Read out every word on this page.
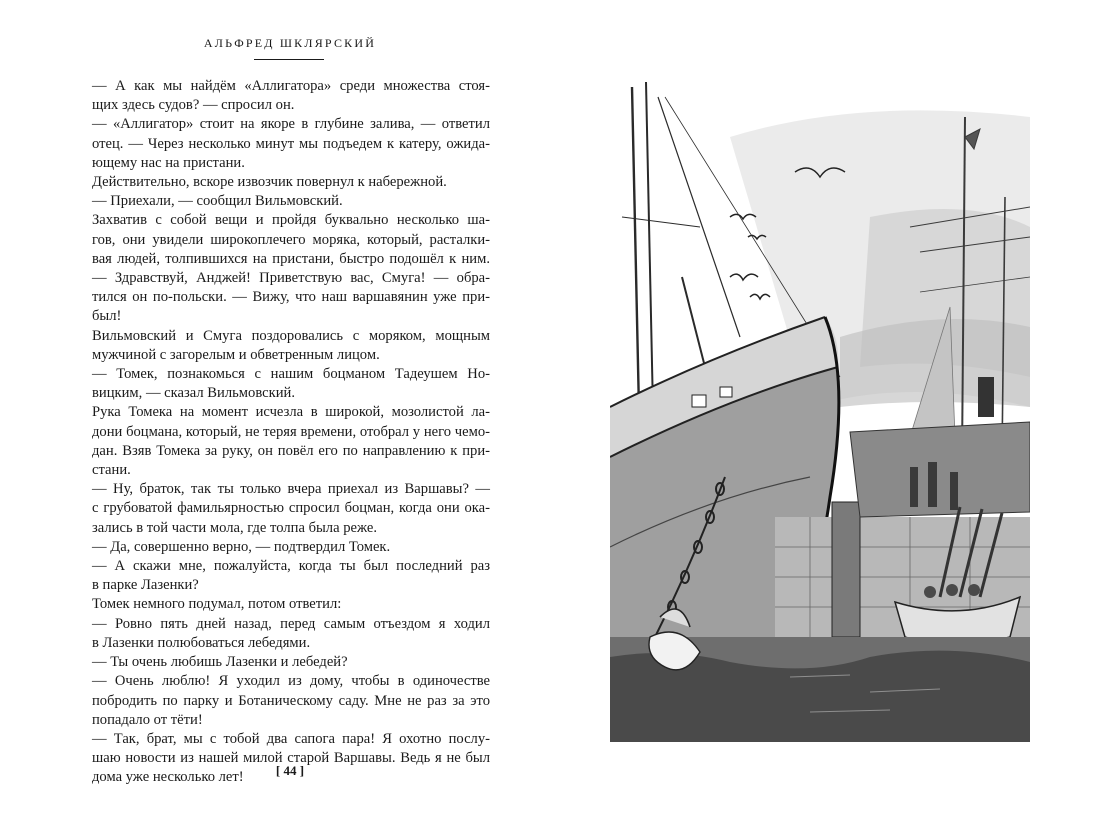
АЛЬФРЕД ШКЛЯРСКИЙ

— А как мы найдём «Аллигатора» среди множества стоя-

щих здесь судов? — спросил он.

— «Аллигатор» стоит на якоре в глубине залива, — ответил

отец. — Через несколько минут мы подъедем к катеру, ожида-

ющему нас на пристани.

Действительно, вскоре извозчик повернул к набережной.

— Приехали, — сообщил Вильмовский.

Захватив с собой вещи и пройдя буквально несколько ша-

гов, они увидели широкоплечего моряка, который, расталки-

вая людей, толпившихся на пристани, быстро подошёл к ним.

— Здравствуй, Анджей! Приветствую вас, Смуга! — обра-

тился он по-польски. — Вижу, что наш варшавянин уже при-

был!

Вильмовский и Смуга поздоровались с моряком, мощным

мужчиной с загорелым и обветренным лицом.

— Томек, познакомься с нашим боцманом Тадеушем Но-

вицким, — сказал Вильмовский.

Рука Томека на момент исчезла в широкой, мозолистой ла-

дони боцмана, который, не теряя времени, отобрал у него чемо-

дан. Взяв Томека за руку, он повёл его по направлению к при-

стани.

— Ну, браток, так ты только вчера приехал из Варшавы? —

с грубоватой фамильярностью спросил боцман, когда они ока-

зались в той части мола, где толпа была реже.

— Да, совершенно верно, — подтвердил Томек.

— А скажи мне, пожалуйста, когда ты был последний раз

в парке Лазенки?

Томек немного подумал, потом ответил:

— Ровно пять дней назад, перед самым отъездом я ходил

в Лазенки полюбоваться лебедями.

— Ты очень любишь Лазенки и лебедей?

— Очень люблю! Я уходил из дому, чтобы в одиночестве

побродить по парку и Ботаническому саду. Мне не раз за это

попадало от тёти!

— Так, брат, мы с тобой два сапога пара! Я охотно послу-

шаю новости из нашей милой старой Варшавы. Ведь я не был

дома уже несколько лет!	[ 44 ]
